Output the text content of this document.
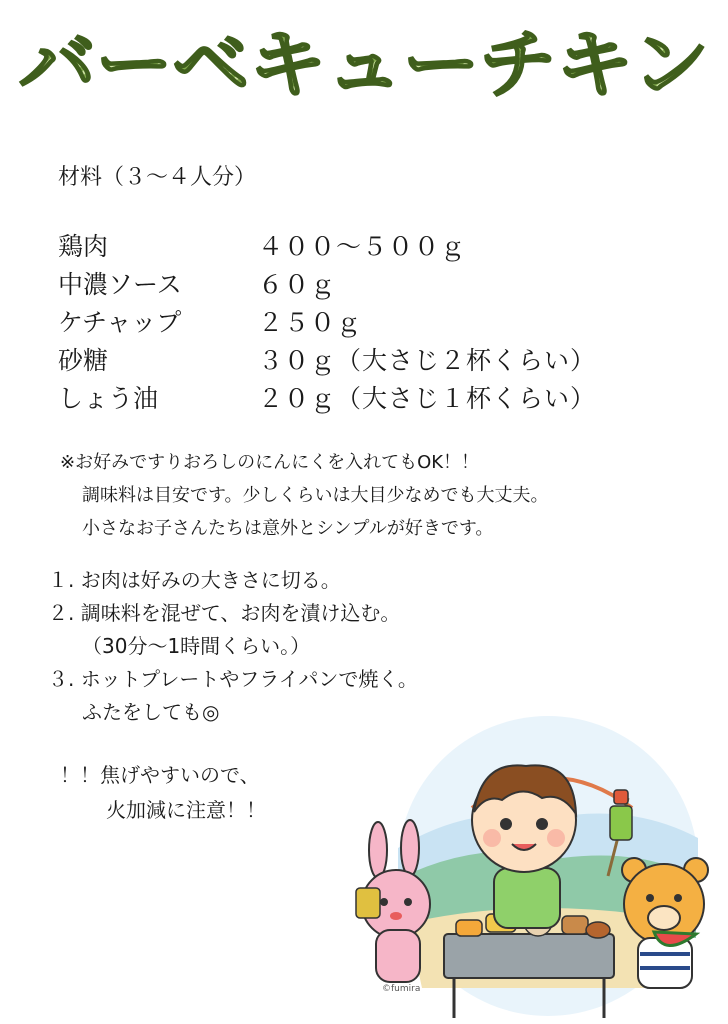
バーベキューチキン
材料（３～４人分）
鶏肉	４００～５００ｇ
中濃ソース	６０ｇ
ケチャップ	２５０ｇ
砂糖	３０ｇ（大さじ２杯くらい）
しょう油	２０ｇ（大さじ１杯くらい）
※お好みですりおろしのにんにくを入れてもOK！！
調味料は目安です。少しくらいは大目少なめでも大丈夫。
小さなお子さんたちは意外とシンプルが好きです。
１. お肉は好みの大きさに切る。
２. 調味料を混ぜて、お肉を漬け込む。
（30分～1時間くらい。）
３. ホットプレートやフライパンで焼く。
ふたをしても◎
！！焦げやすいので、
火加減に注意！！
©fumira
